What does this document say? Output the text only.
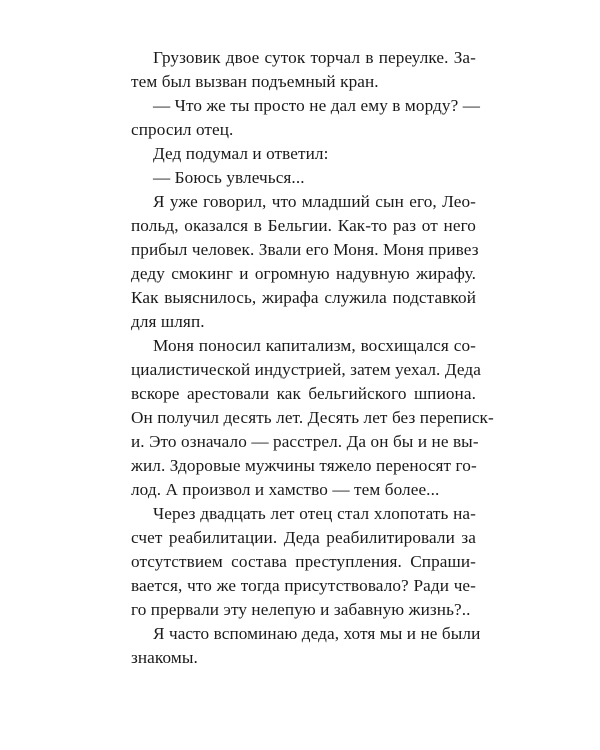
Грузовик двое суток торчал в переулке. За-
тем был вызван подъемный кран.
— Что же ты просто не дал ему в морду? —
спросил отец.
Дед подумал и ответил:
— Боюсь увлечься...
Я уже говорил, что младший сын его, Лео-
польд, оказался в Бельгии. Как-то раз от него
прибыл человек. Звали его Моня. Моня привез
деду смокинг и огромную надувную жирафу.
Как выяснилось, жирафа служила подставкой
для шляп.
Моня поносил капитализм, восхищался со-
циалистической индустрией, затем уехал. Деда
вскоре арестовали как бельгийского шпиона.
Он получил десять лет. Десять лет без переписк-
и. Это означало — расстрел. Да он бы и не вы-
жил. Здоровые мужчины тяжело переносят го-
лод. А произвол и хамство — тем более...
Через двадцать лет отец стал хлопотать на-
счет реабилитации. Деда реабилитировали за
отсутствием состава преступления. Спраши-
вается, что же тогда присутствовало? Ради че-
го прервали эту нелепую и забавную жизнь?..
Я часто вспоминаю деда, хотя мы и не были
знакомы.
